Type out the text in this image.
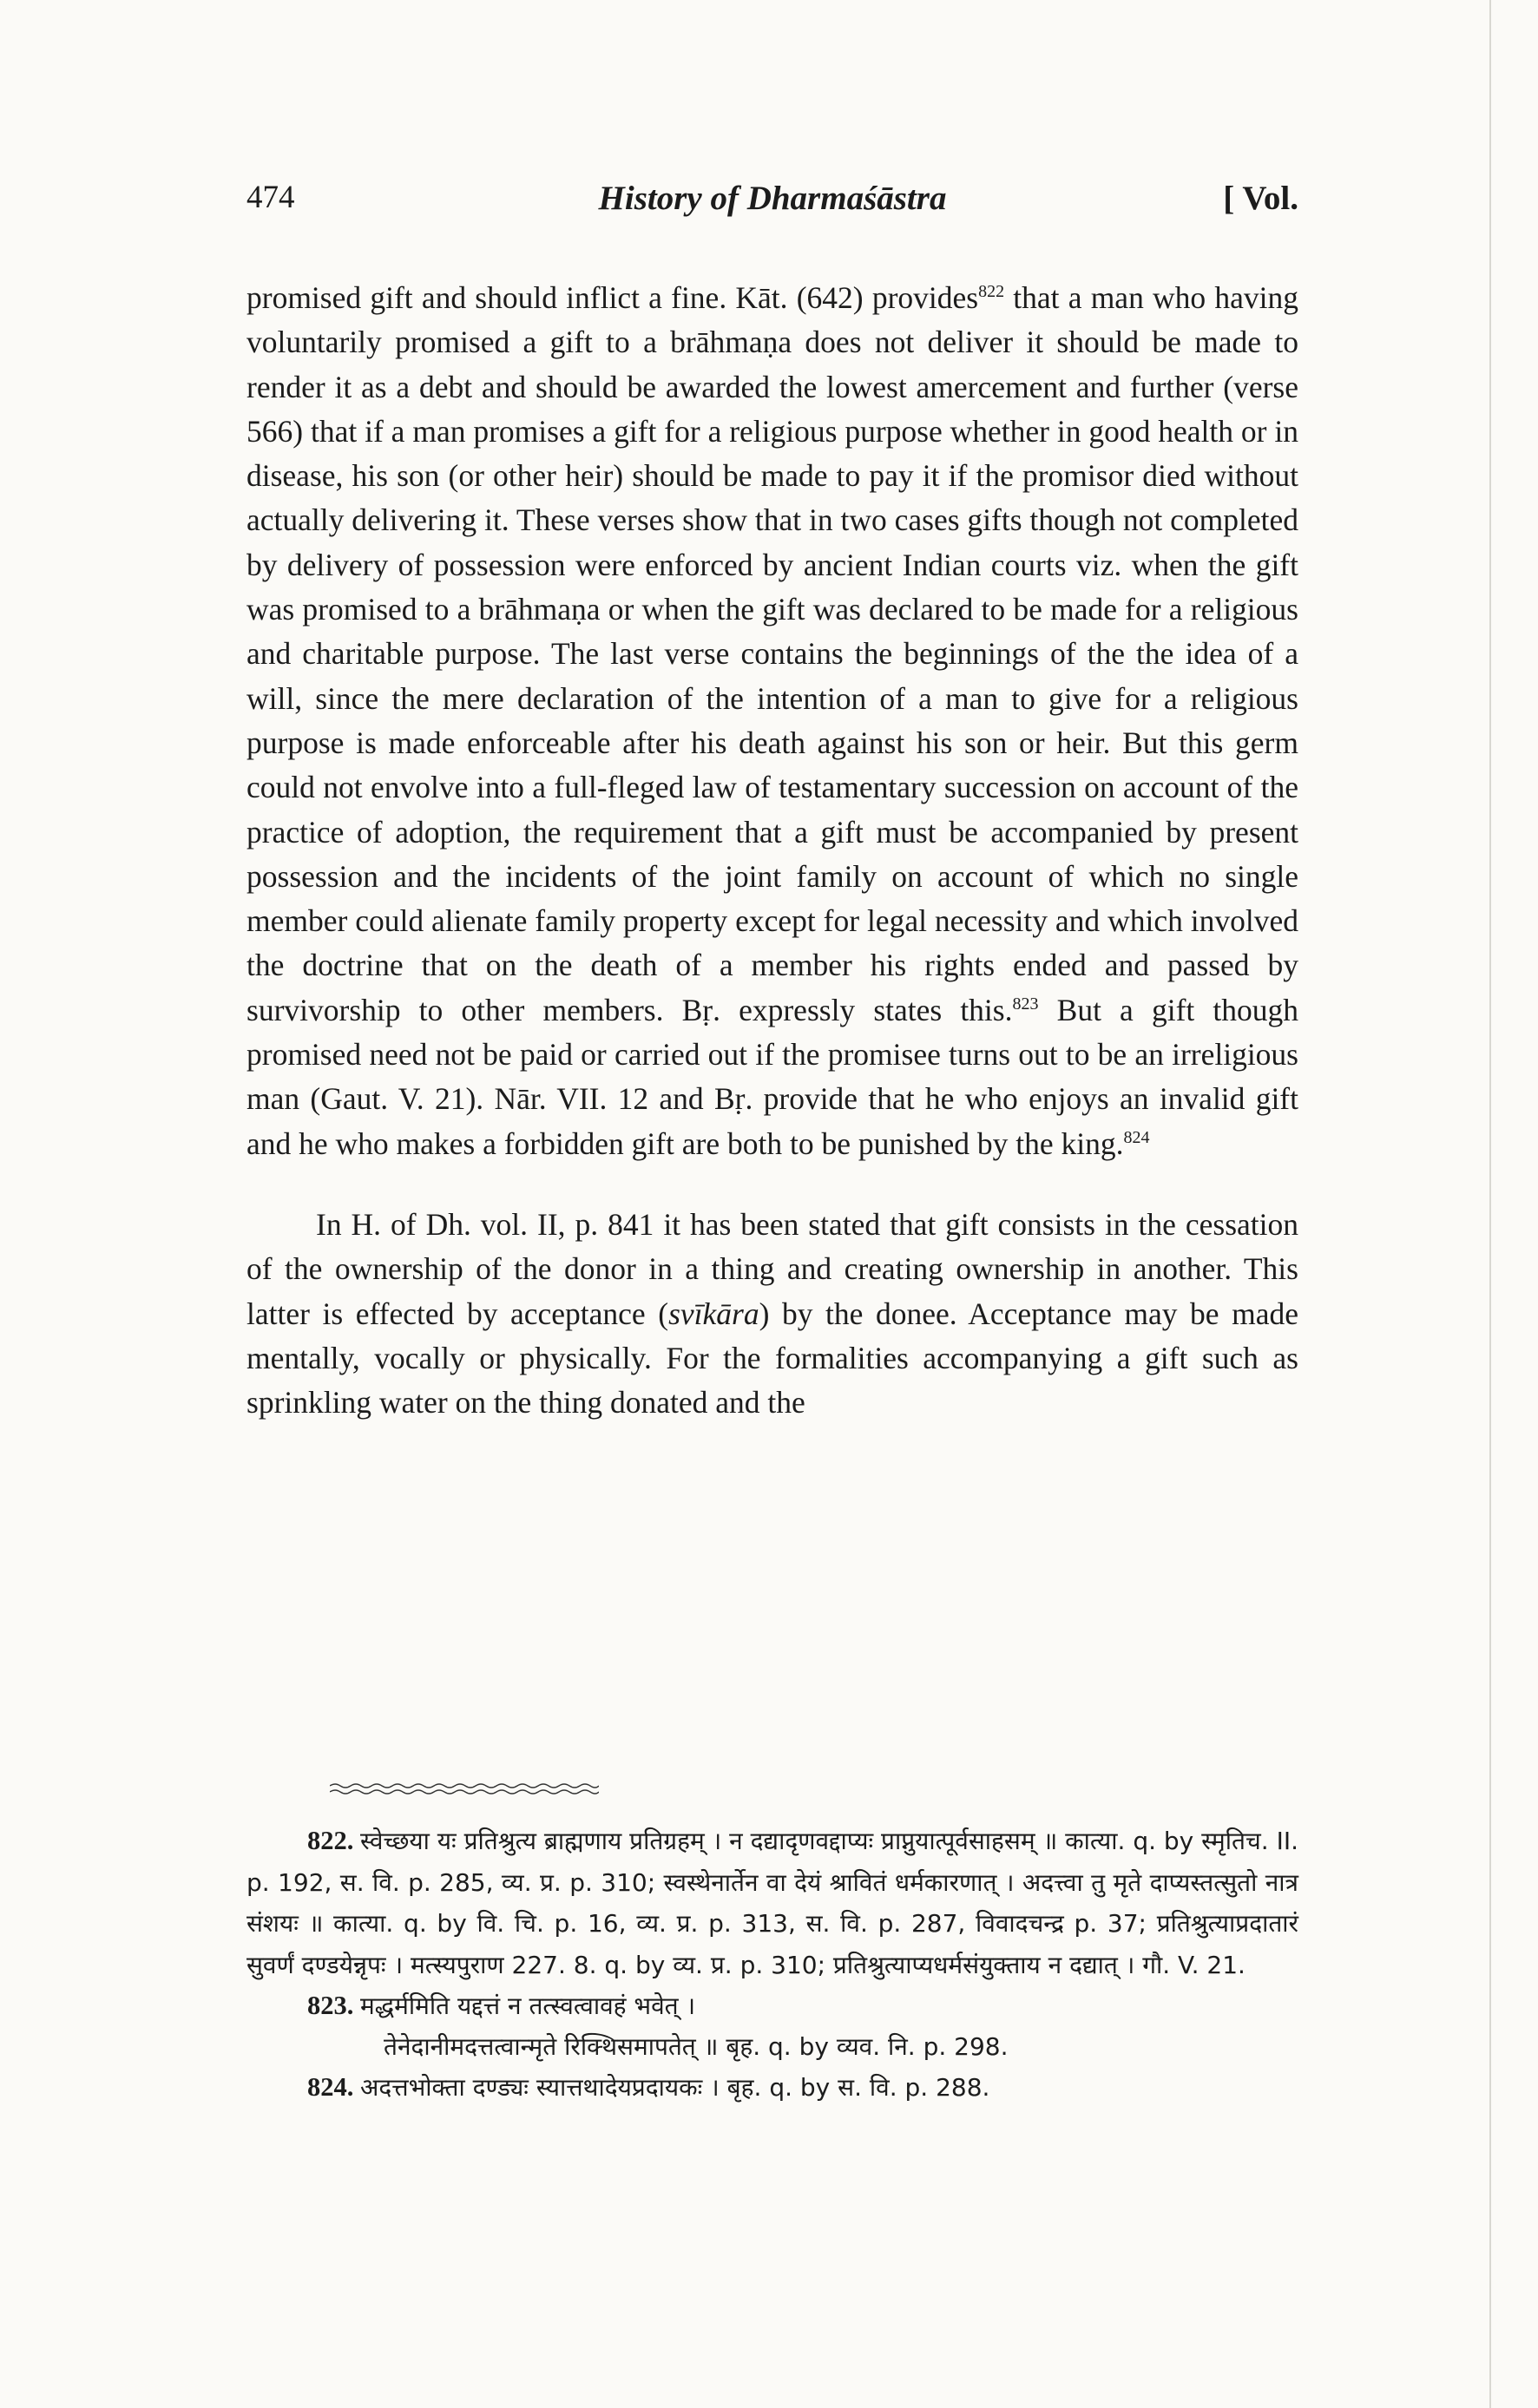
474	History of Dharmaśāstra	[ Vol.

promised gift and should inflict a fine. Kāt. (642) provides$^{822}$ that a man who having voluntarily promised a gift to a brāhmaṇa does not deliver it should be made to render it as a debt and should be awarded the lowest amercement and further (verse 566) that if a man promises a gift for a religious purpose whether in good health or in disease, his son (or other heir) should be made to pay it if the promisor died without actually delivering it. These verses show that in two cases gifts though not completed by delivery of possession were enforced by ancient Indian courts viz. when the gift was promised to a brāhmaṇa or when the gift was declared to be made for a religious and charitable purpose. The last verse contains the beginnings of the the idea of a will, since the mere declaration of the intention of a man to give for a religious purpose is made enforceable after his death against his son or heir. But this germ could not envolve into a full-fleged law of testamentary succession on account of the practice of adoption, the requirement that a gift must be accompanied by present possession and the incidents of the joint family on account of which no single member could alienate family property except for legal necessity and which involved the doctrine that on the death of a member his rights ended and passed by survivorship to other members. Bṛ. expressly states this.$^{823}$ But a gift though promised need not be paid or carried out if the promisee turns out to be an irreligious man (Gaut. V. 21). Nār. VII. 12 and Bṛ. provide that he who enjoys an invalid gift and he who makes a forbidden gift are both to be punished by the king.$^{824}$

In H. of Dh. vol. II, p. 841 it has been stated that gift consists in the cessation of the ownership of the donor in a thing and creating ownership in another. This latter is effected by acceptance (svīkāra) by the donee. Acceptance may be made mentally, vocally or physically. For the formalities accompanying a gift such as sprinkling water on the thing donated and the

822. स्वेच्छया यः प्रतिश्रुत्य ब्राह्मणाय प्रतिग्रहम् । न दद्यादृणवद्दाप्यः प्राप्नुयात्पूर्वसाहसम् ॥ कात्या. q. by स्मृतिच. II. p. 192, स. वि. p. 285, व्य. प्र. p. 310; स्वस्थेनार्तेन वा देयं श्रावितं धर्मकारणात् । अदत्त्वा तु मृते दाप्यस्तत्सुतो नात्र संशयः ॥ कात्या. q. by वि. चि. p. 16, व्य. प्र. p. 313, स. वि. p. 287, विवादचन्द्र p. 37; प्रतिश्रुत्याप्रदातारं सुवर्णं दण्डयेन्नृपः । मत्स्यपुराण 227. 8. q. by व्य. प्र. p. 310; प्रतिश्रुत्याप्यधर्मसंयुक्ताय न दद्यात् । गौ. V. 21.

823. मद्धर्ममिति यद्दत्तं न तत्स्वत्वावहं भवेत् ।
तेनेदानीमदत्तत्वान्मृते रिक्थिसमापतेत् ॥ बृह. q. by व्यव. नि. p. 298.

824. अदत्तभोक्ता दण्ड्यः स्यात्तथादेयप्रदायकः । बृह. q. by स. वि. p. 288.
